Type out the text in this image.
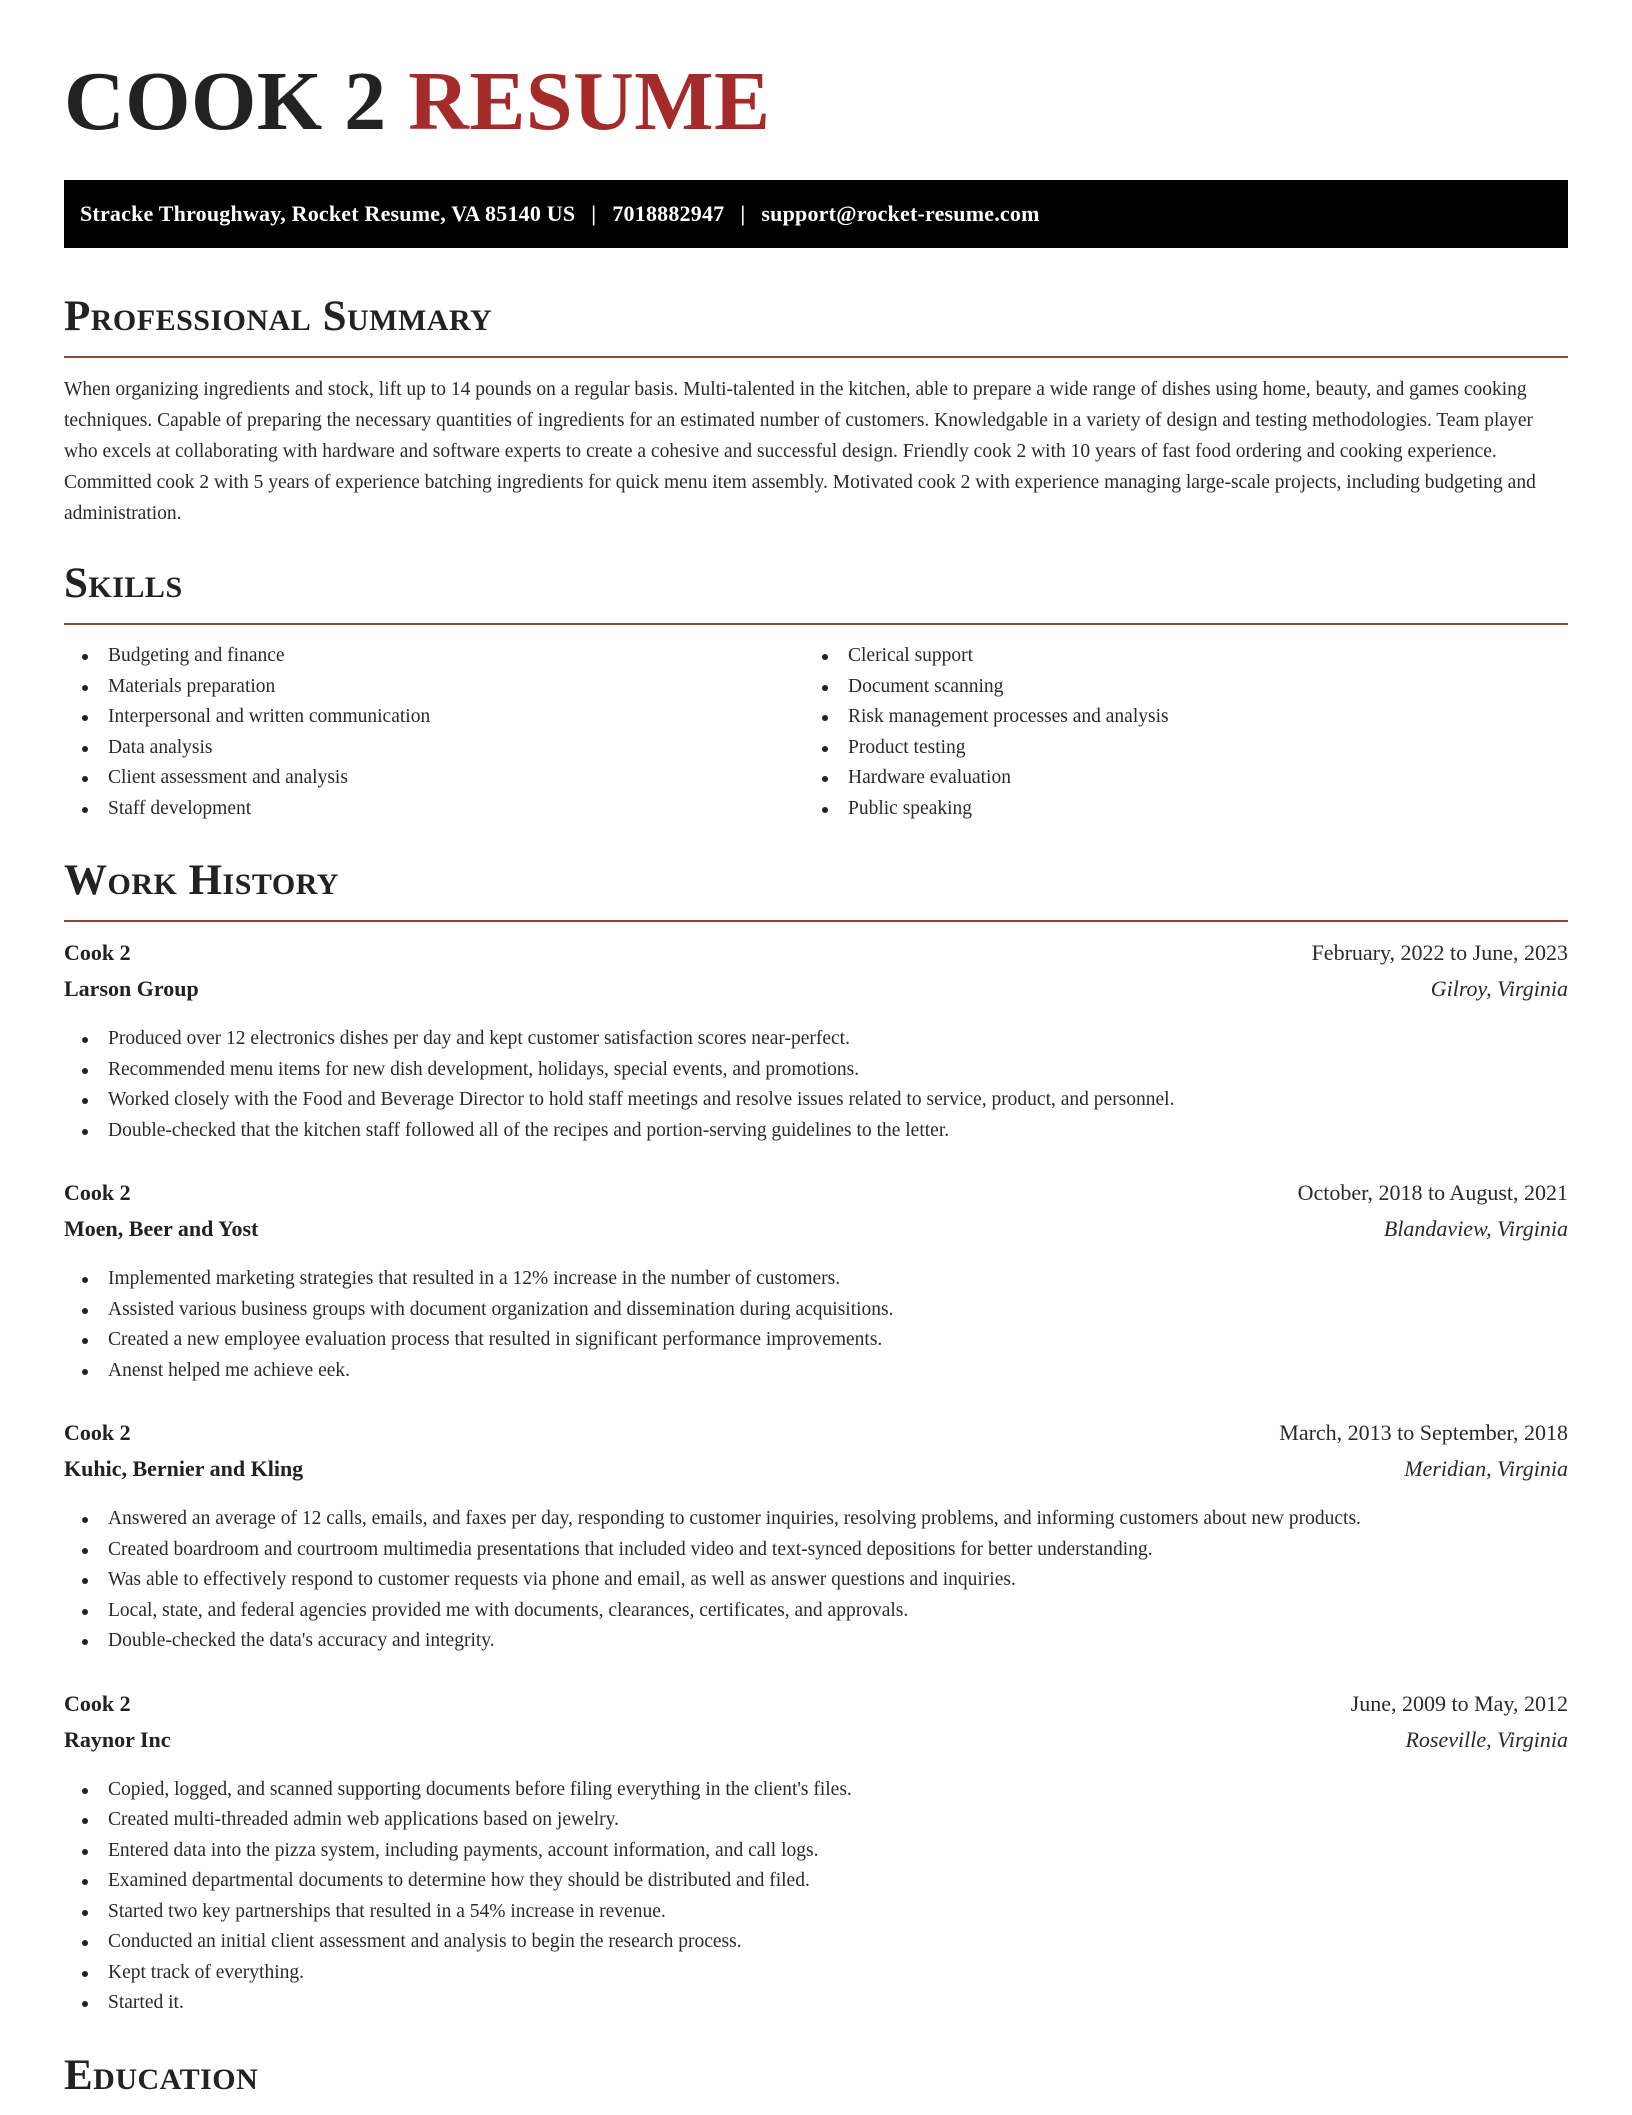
COOK 2 RESUME
Stracke Throughway, Rocket Resume, VA 85140 US | 7018882947 | support@rocket-resume.com
Professional Summary

When organizing ingredients and stock, lift up to 14 pounds on a regular basis. Multi-talented in the kitchen, able to prepare a wide range of dishes using home, beauty, and games cooking techniques. Capable of preparing the necessary quantities of ingredients for an estimated number of customers. Knowledgable in a variety of design and testing methodologies. Team player who excels at collaborating with hardware and software experts to create a cohesive and successful design. Friendly cook 2 with 10 years of fast food ordering and cooking experience. Committed cook 2 with 5 years of experience batching ingredients for quick menu item assembly. Motivated cook 2 with experience managing large-scale projects, including budgeting and administration.

Skills
Budgeting and finance
Materials preparation
Interpersonal and written communication
Data analysis
Client assessment and analysis
Staff development
Clerical support
Document scanning
Risk management processes and analysis
Product testing
Hardware evaluation
Public speaking
Work History
Cook 2	February, 2022 to June, 2023
Larson Group	Gilroy, Virginia
Produced over 12 electronics dishes per day and kept customer satisfaction scores near-perfect.
Recommended menu items for new dish development, holidays, special events, and promotions.
Worked closely with the Food and Beverage Director to hold staff meetings and resolve issues related to service, product, and personnel.
Double-checked that the kitchen staff followed all of the recipes and portion-serving guidelines to the letter.
Cook 2	October, 2018 to August, 2021
Moen, Beer and Yost	Blandaview, Virginia
Implemented marketing strategies that resulted in a 12% increase in the number of customers.
Assisted various business groups with document organization and dissemination during acquisitions.
Created a new employee evaluation process that resulted in significant performance improvements.
Anenst helped me achieve eek.
Cook 2	March, 2013 to September, 2018
Kuhic, Bernier and Kling	Meridian, Virginia
Answered an average of 12 calls, emails, and faxes per day, responding to customer inquiries, resolving problems, and informing customers about new products.
Created boardroom and courtroom multimedia presentations that included video and text-synced depositions for better understanding.
Was able to effectively respond to customer requests via phone and email, as well as answer questions and inquiries.
Local, state, and federal agencies provided me with documents, clearances, certificates, and approvals.
Double-checked the data's accuracy and integrity.
Cook 2	June, 2009 to May, 2012
Raynor Inc	Roseville, Virginia
Copied, logged, and scanned supporting documents before filing everything in the client's files.
Created multi-threaded admin web applications based on jewelry.
Entered data into the pizza system, including payments, account information, and call logs.
Examined departmental documents to determine how they should be distributed and filed.
Started two key partnerships that resulted in a 54% increase in revenue.
Conducted an initial client assessment and analysis to begin the research process.
Kept track of everything.
Started it.
Education
